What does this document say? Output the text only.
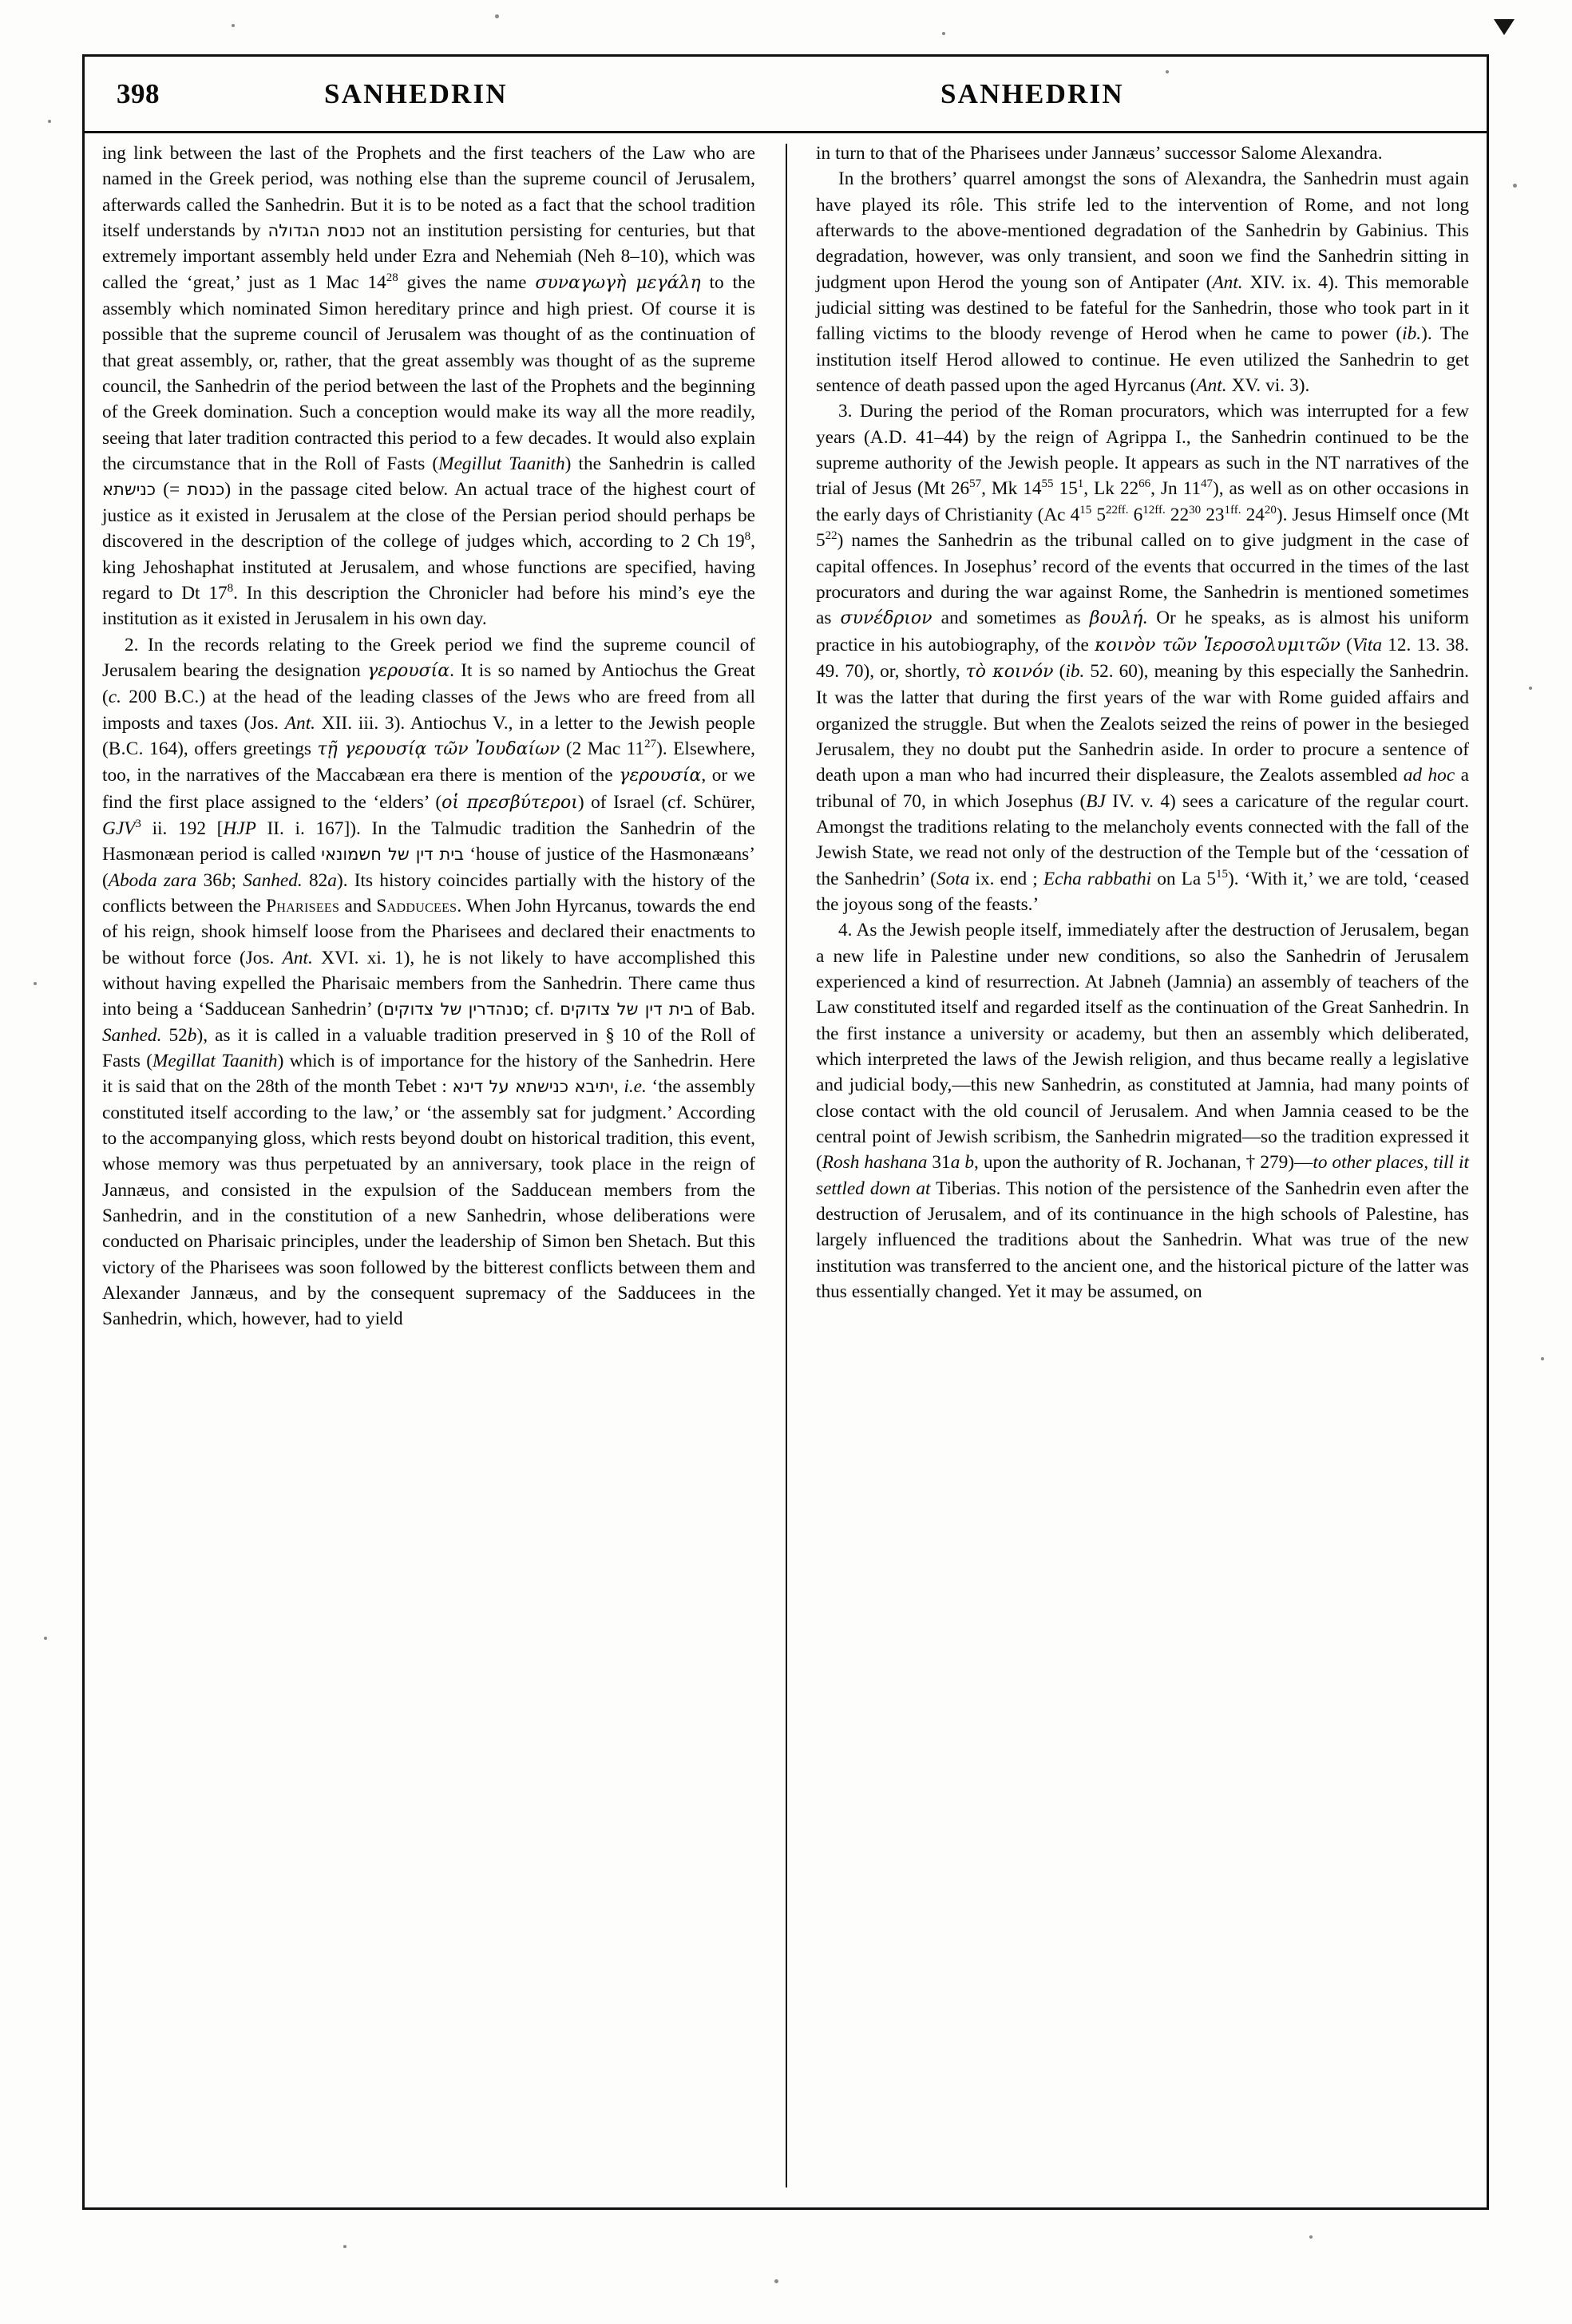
398	SANHEDRIN	SANHEDRIN

ing link between the last of the Prophets and the first teachers of the Law who are named in the Greek period, was nothing else than the supreme council of Jerusalem, afterwards called the Sanhedrin. But it is to be noted as a fact that the school tradition itself understands by כנסת הגדולה not an institution persisting for centuries, but that extremely important assembly held under Ezra and Nehemiah (Neh 8–10), which was called the ‘great,’ just as 1 Mac $14^{28}$ gives the name συναγωγὴ μεγάλη to the assembly which nominated Simon hereditary prince and high priest. Of course it is possible that the supreme council of Jerusalem was thought of as the continuation of that great assembly, or, rather, that the great assembly was thought of as the supreme council, the Sanhedrin of the period between the last of the Prophets and the beginning of the Greek domination. Such a conception would make its way all the more readily, seeing that later tradition contracted this period to a few decades. It would also explain the circumstance that in the Roll of Fasts (Megillut Taanith) the Sanhedrin is called כנישתא (= כנסת) in the passage cited below. An actual trace of the highest court of justice as it existed in Jerusalem at the close of the Persian period should perhaps be discovered in the description of the college of judges which, according to 2 Ch $19^8$, king Jehoshaphat instituted at Jerusalem, and whose functions are specified, having regard to Dt $17^8$. In this description the Chronicler had before his mind’s eye the institution as it existed in Jerusalem in his own day.

2. In the records relating to the Greek period we find the supreme council of Jerusalem bearing the designation γερουσία. It is so named by Antiochus the Great (c. 200 B.C.) at the head of the leading classes of the Jews who are freed from all imposts and taxes (Jos. Ant. XII. iii. 3). Antiochus V., in a letter to the Jewish people (B.C. 164), offers greetings τῇ γερουσίᾳ τῶν Ἰουδαίων (2 Mac $11^{27}$). Elsewhere, too, in the narratives of the Maccabæan era there is mention of the γερουσία, or we find the first place assigned to the ‘elders’ (οἱ πρεσβύτεροι) of Israel (cf. Schürer, GJV$^3$ ii. 192 [HJP II. i. 167]). In the Talmudic tradition the Sanhedrin of the Hasmonæan period is called בית דין של חשמונאי ‘house of justice of the Hasmonæans’ (Aboda zara 36b; Sanhed. 82a). Its history coincides partially with the history of the conflicts between the Pharisees and Sadducees. When John Hyrcanus, towards the end of his reign, shook himself loose from the Pharisees and declared their enactments to be without force (Jos. Ant. XVI. xi. 1), he is not likely to have accomplished this without having expelled the Pharisaic members from the Sanhedrin. There came thus into being a ‘Sadducean Sanhedrin’ (סנהדרין של צדוקים; cf. בית דין של צדוקים of Bab. Sanhed. 52b), as it is called in a valuable tradition preserved in § 10 of the Roll of Fasts (Megillat Taanith) which is of importance for the history of the Sanhedrin. Here it is said that on the 28th of the month Tebet : יתיבא כנישתא על דינא, i.e. ‘the assembly constituted itself according to the law,’ or ‘the assembly sat for judgment.’ According to the accompanying gloss, which rests beyond doubt on historical tradition, this event, whose memory was thus perpetuated by an anniversary, took place in the reign of Jannæus, and consisted in the expulsion of the Sadducean members from the Sanhedrin, and in the constitution of a new Sanhedrin, whose deliberations were conducted on Pharisaic principles, under the leadership of Simon ben Shetach. But this victory of the Pharisees was soon followed by the bitterest conflicts between them and Alexander Jannæus, and by the consequent supremacy of the Sadducees in the Sanhedrin, which, however, had to yield

in turn to that of the Pharisees under Jannæus’ successor Salome Alexandra.

In the brothers’ quarrel amongst the sons of Alexandra, the Sanhedrin must again have played its rôle. This strife led to the intervention of Rome, and not long afterwards to the above-mentioned degradation of the Sanhedrin by Gabinius. This degradation, however, was only transient, and soon we find the Sanhedrin sitting in judgment upon Herod the young son of Antipater (Ant. XIV. ix. 4). This memorable judicial sitting was destined to be fateful for the Sanhedrin, those who took part in it falling victims to the bloody revenge of Herod when he came to power (ib.). The institution itself Herod allowed to continue. He even utilized the Sanhedrin to get sentence of death passed upon the aged Hyrcanus (Ant. XV. vi. 3).

3. During the period of the Roman procurators, which was interrupted for a few years (A.D. 41–44) by the reign of Agrippa I., the Sanhedrin continued to be the supreme authority of the Jewish people. It appears as such in the NT narratives of the trial of Jesus (Mt $26^{57}$, Mk $14^{55}$ $15^1$, Lk $22^{66}$, Jn $11^{47}$), as well as on other occasions in the early days of Christianity (Ac $4^{15}$ $5^{22ff.}$ $6^{12ff.}$ $22^{30}$ $23^{1ff.}$ $24^{20}$). Jesus Himself once (Mt $5^{22}$) names the Sanhedrin as the tribunal called on to give judgment in the case of capital offences. In Josephus’ record of the events that occurred in the times of the last procurators and during the war against Rome, the Sanhedrin is mentioned sometimes as συνέδριον and sometimes as βουλή. Or he speaks, as is almost his uniform practice in his autobiography, of the κοινὸν τῶν Ἱεροσολυμιτῶν (Vita 12. 13. 38. 49. 70), or, shortly, τὸ κοινόν (ib. 52. 60), meaning by this especially the Sanhedrin. It was the latter that during the first years of the war with Rome guided affairs and organized the struggle. But when the Zealots seized the reins of power in the besieged Jerusalem, they no doubt put the Sanhedrin aside. In order to procure a sentence of death upon a man who had incurred their displeasure, the Zealots assembled ad hoc a tribunal of 70, in which Josephus (BJ IV. v. 4) sees a caricature of the regular court. Amongst the traditions relating to the melancholy events connected with the fall of the Jewish State, we read not only of the destruction of the Temple but of the ‘cessation of the Sanhedrin’ (Sota ix. end ; Echa rabbathi on La $5^{15}$). ‘With it,’ we are told, ‘ceased the joyous song of the feasts.’

4. As the Jewish people itself, immediately after the destruction of Jerusalem, began a new life in Palestine under new conditions, so also the Sanhedrin of Jerusalem experienced a kind of resurrection. At Jabneh (Jamnia) an assembly of teachers of the Law constituted itself and regarded itself as the continuation of the Great Sanhedrin. In the first instance a university or academy, but then an assembly which deliberated, which interpreted the laws of the Jewish religion, and thus became really a legislative and judicial body,—this new Sanhedrin, as constituted at Jamnia, had many points of close contact with the old council of Jerusalem. And when Jamnia ceased to be the central point of Jewish scribism, the Sanhedrin migrated—so the tradition expressed it (Rosh hashana 31a b, upon the authority of R. Jochanan, † 279)—to other places, till it settled down at Tiberias. This notion of the persistence of the Sanhedrin even after the destruction of Jerusalem, and of its continuance in the high schools of Palestine, has largely influenced the traditions about the Sanhedrin. What was true of the new institution was transferred to the ancient one, and the historical picture of the latter was thus essentially changed. Yet it may be assumed, on
